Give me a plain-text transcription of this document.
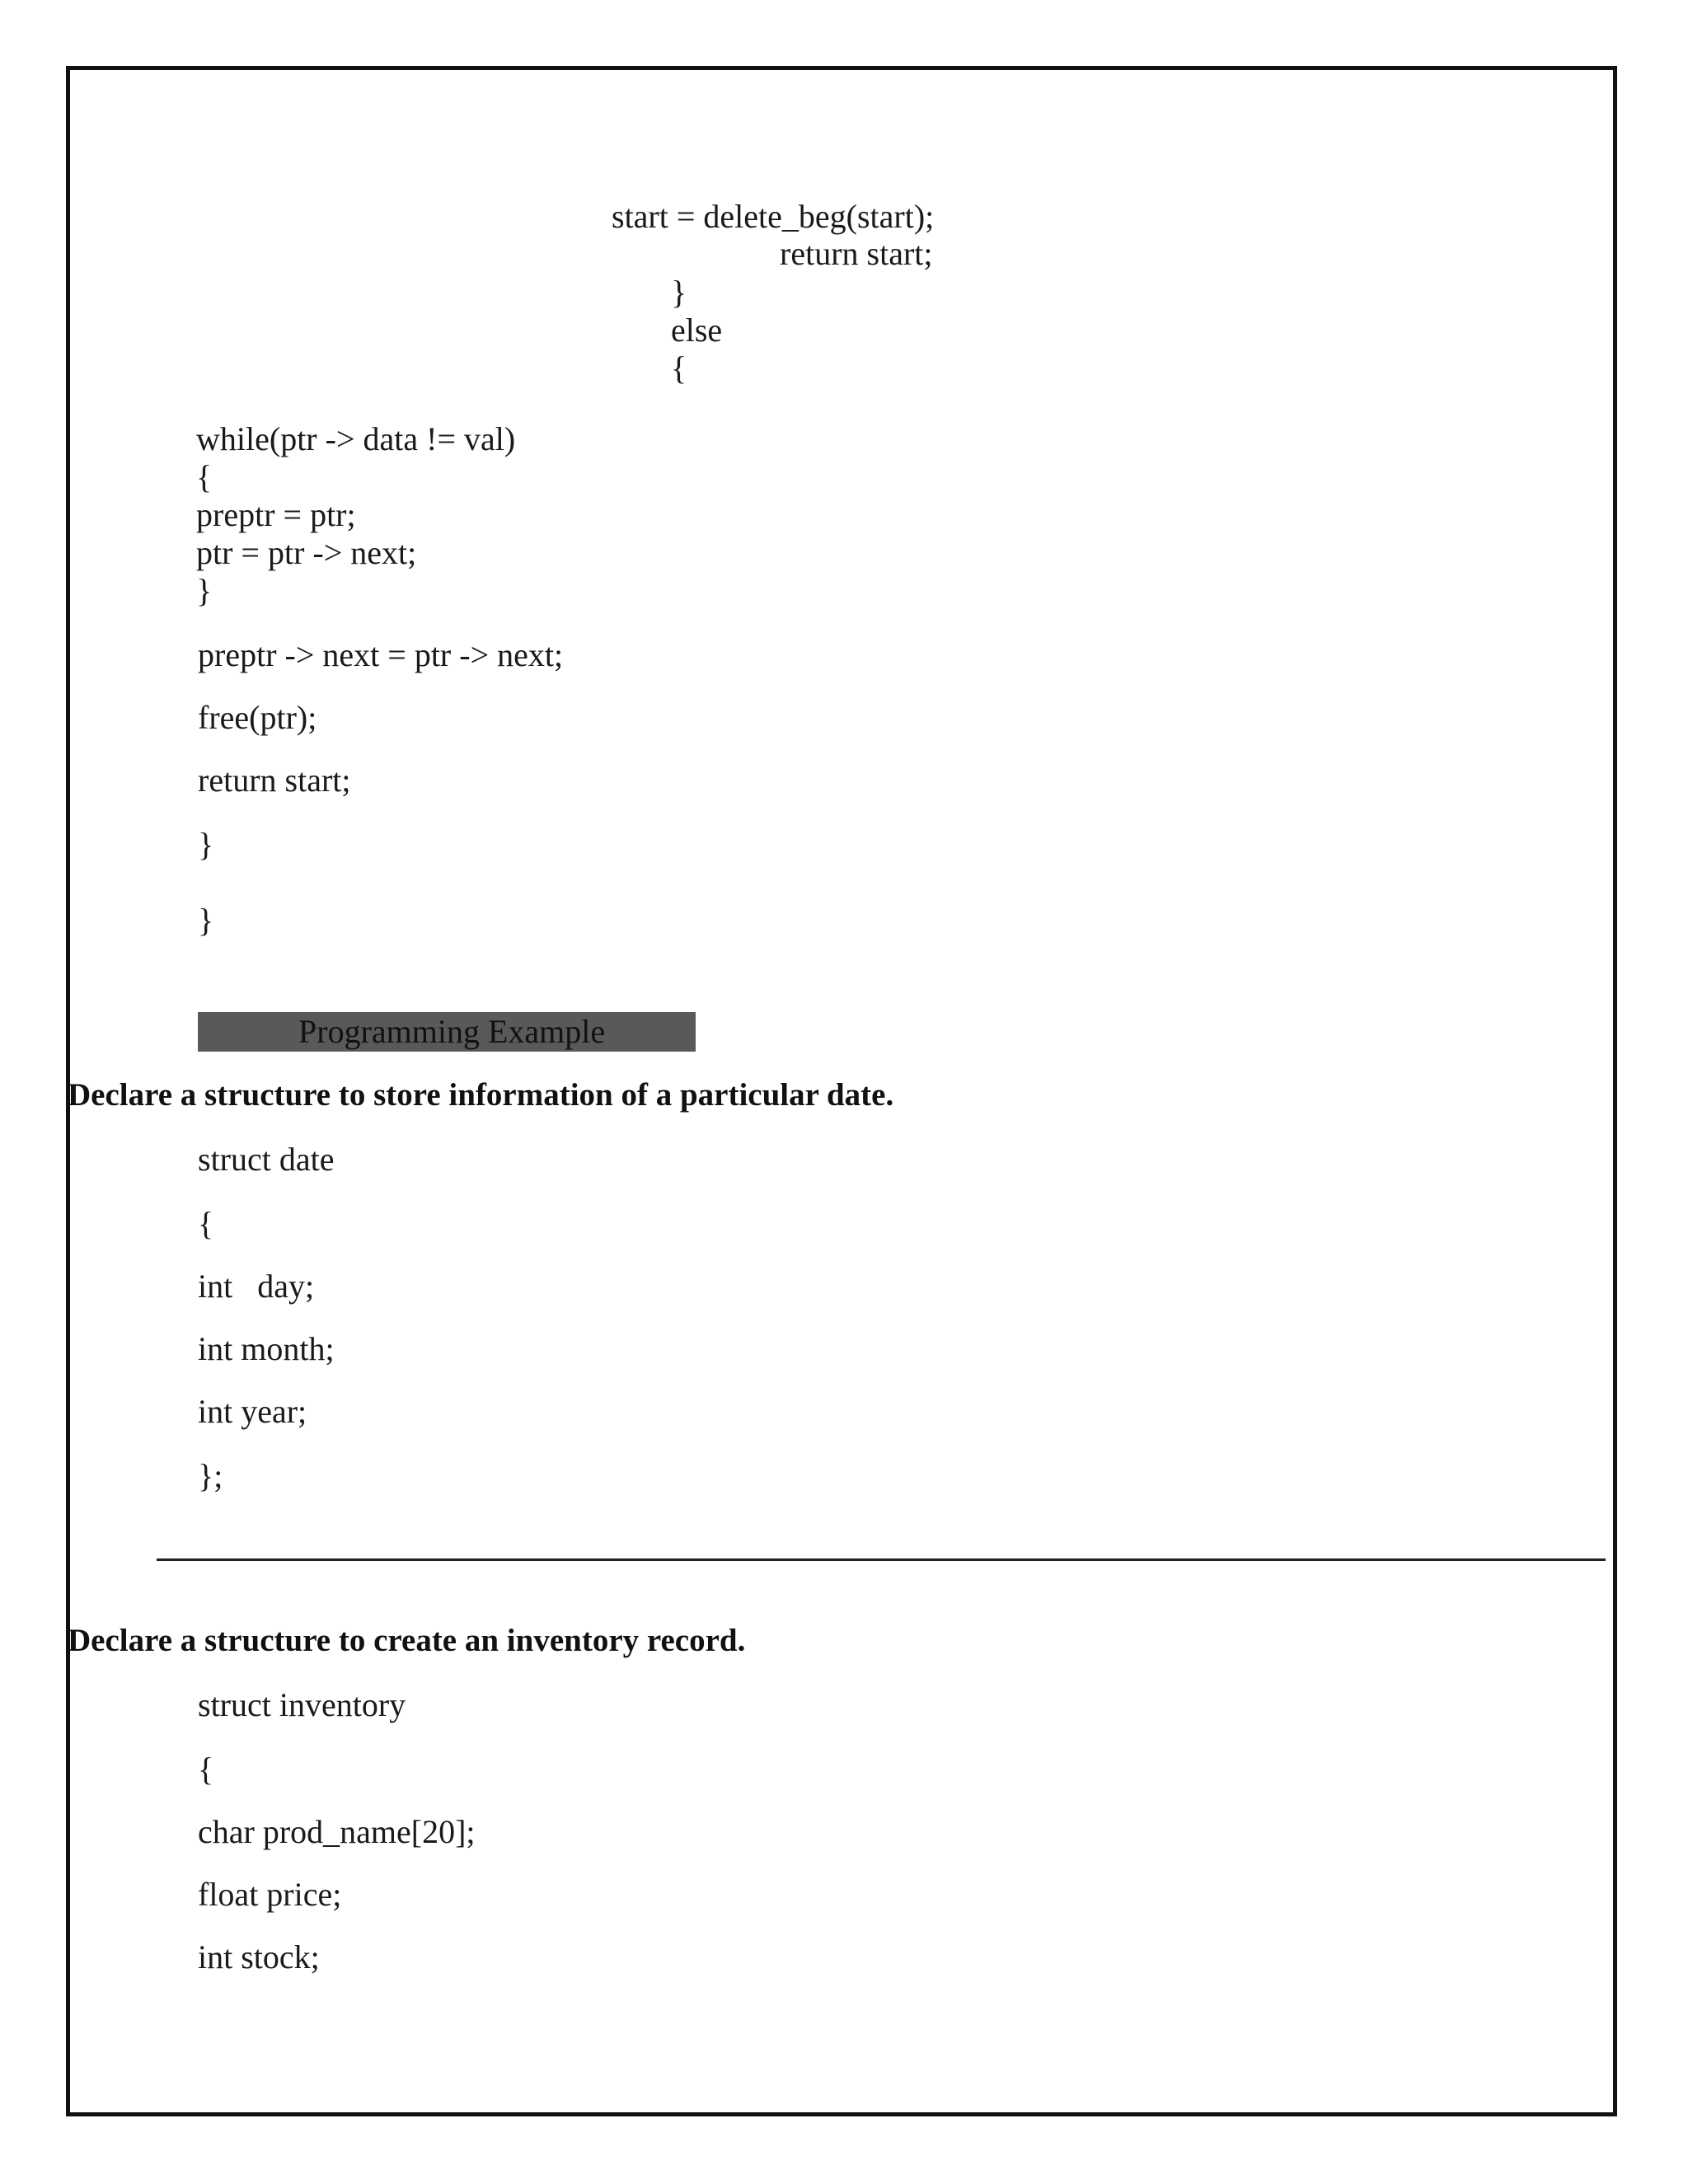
start = delete_beg(start);
return start;
}
else
{
while(ptr -> data != val)
{
preptr = ptr;
ptr = ptr -> next;
}
preptr -> next = ptr -> next;
free(ptr);
return start;
}
}
Programming Example
Declare a structure to store information of a particular date.
struct date
{
int   day;
int month;
int year;
};
Declare a structure to create an inventory record.
struct inventory
{
char prod_name[20];
float price;
int stock;
